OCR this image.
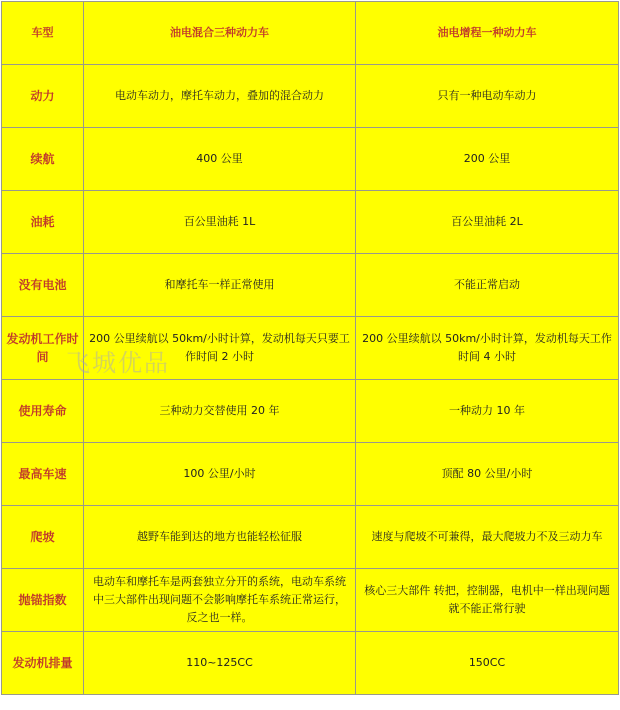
车型	油电混合三种动力车	油电增程一种动力车
动力	电动车动力，摩托车动力，叠加的混合动力	只有一种电动车动力
续航	400 公里	200 公里
油耗	百公里油耗 1L	百公里油耗 2L
没有电池	和摩托车一样正常使用	不能正常启动
发动机工作时间	200 公里续航以 50km/小时计算，发动机每天只要工作时间 2 小时	200 公里续航以 50km/小时计算，发动机每天工作时间 4 小时
使用寿命	三种动力交替使用 20 年	一种动力 10 年
最高车速	100 公里/小时	顶配 80 公里/小时
爬坡	越野车能到达的地方也能轻松征服	速度与爬坡不可兼得，最大爬坡力不及三动力车
抛锚指数	电动车和摩托车是两套独立分开的系统，电动车系统中三大部件出现问题不会影响摩托车系统正常运行，反之也一样。	核心三大部件 转把，控制器，电机中一样出现问题就不能正常行驶
发动机排量	110~125CC	150CC
飞城优品
